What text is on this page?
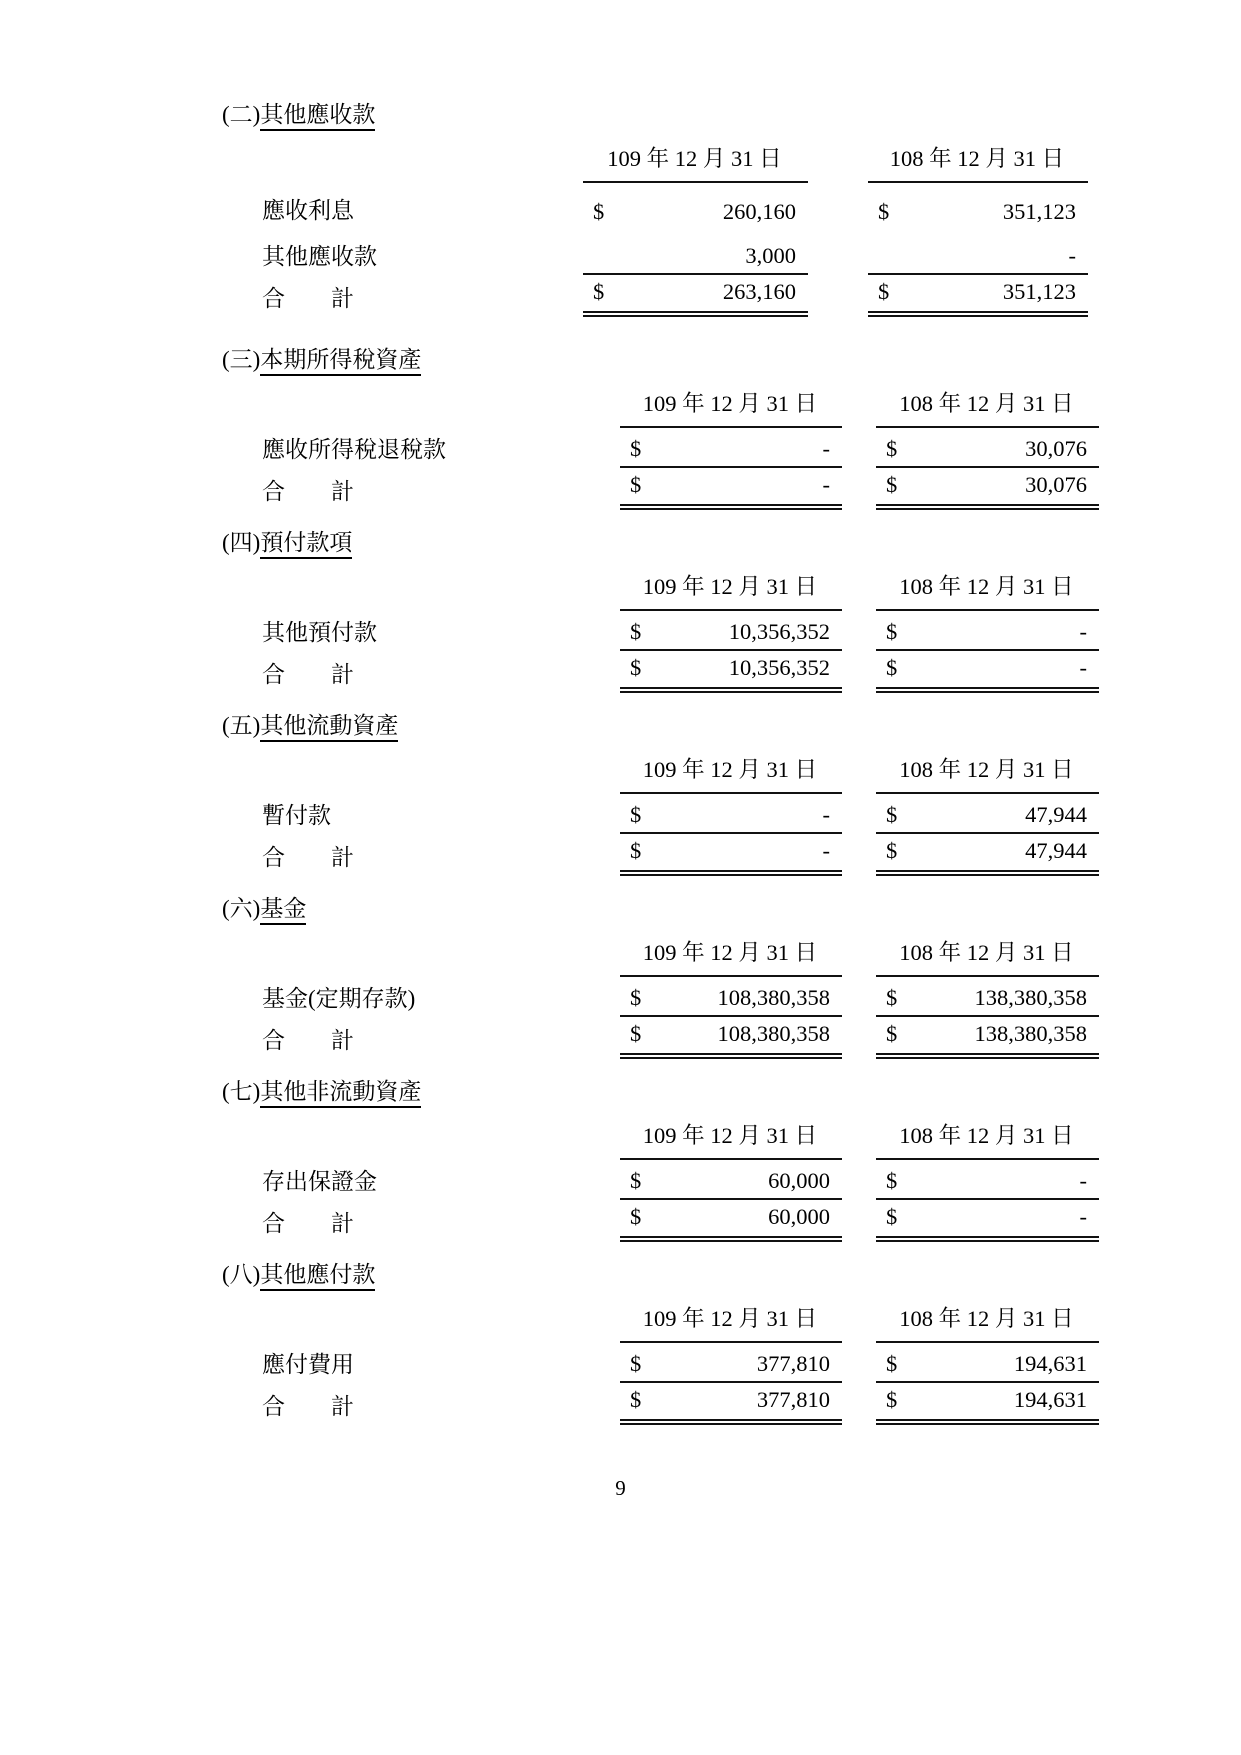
(二)其他應收款
109 年 12 月 31 日	108 年 12 月 31 日
應收利息	$	260,160	$	351,123
其他應收款	3,000	-
合　　計	$	263,160	$	351,123
(三)本期所得稅資產
109 年 12 月 31 日	108 年 12 月 31 日
應收所得稅退稅款	$	- $	30,076
合　　計	$	- $	30,076
(四)預付款項
109 年 12 月 31 日	108 年 12 月 31 日
其他預付款	$	10,356,352 $	-
合　　計	$	10,356,352 $	-
(五)其他流動資產
109 年 12 月 31 日	108 年 12 月 31 日
暫付款	$	- $	47,944
合　　計	$	- $	47,944
(六)基金
109 年 12 月 31 日	108 年 12 月 31 日
基金(定期存款)	$	108,380,358 $	138,380,358
合　　計	$	108,380,358 $	138,380,358
(七)其他非流動資產
109 年 12 月 31 日	108 年 12 月 31 日
存出保證金	$	60,000 $	-
合　　計	$	60,000 $	-
(八)其他應付款
109 年 12 月 31 日	108 年 12 月 31 日
應付費用	$	377,810 $	194,631
合　　計	$	377,810 $	194,631
9
